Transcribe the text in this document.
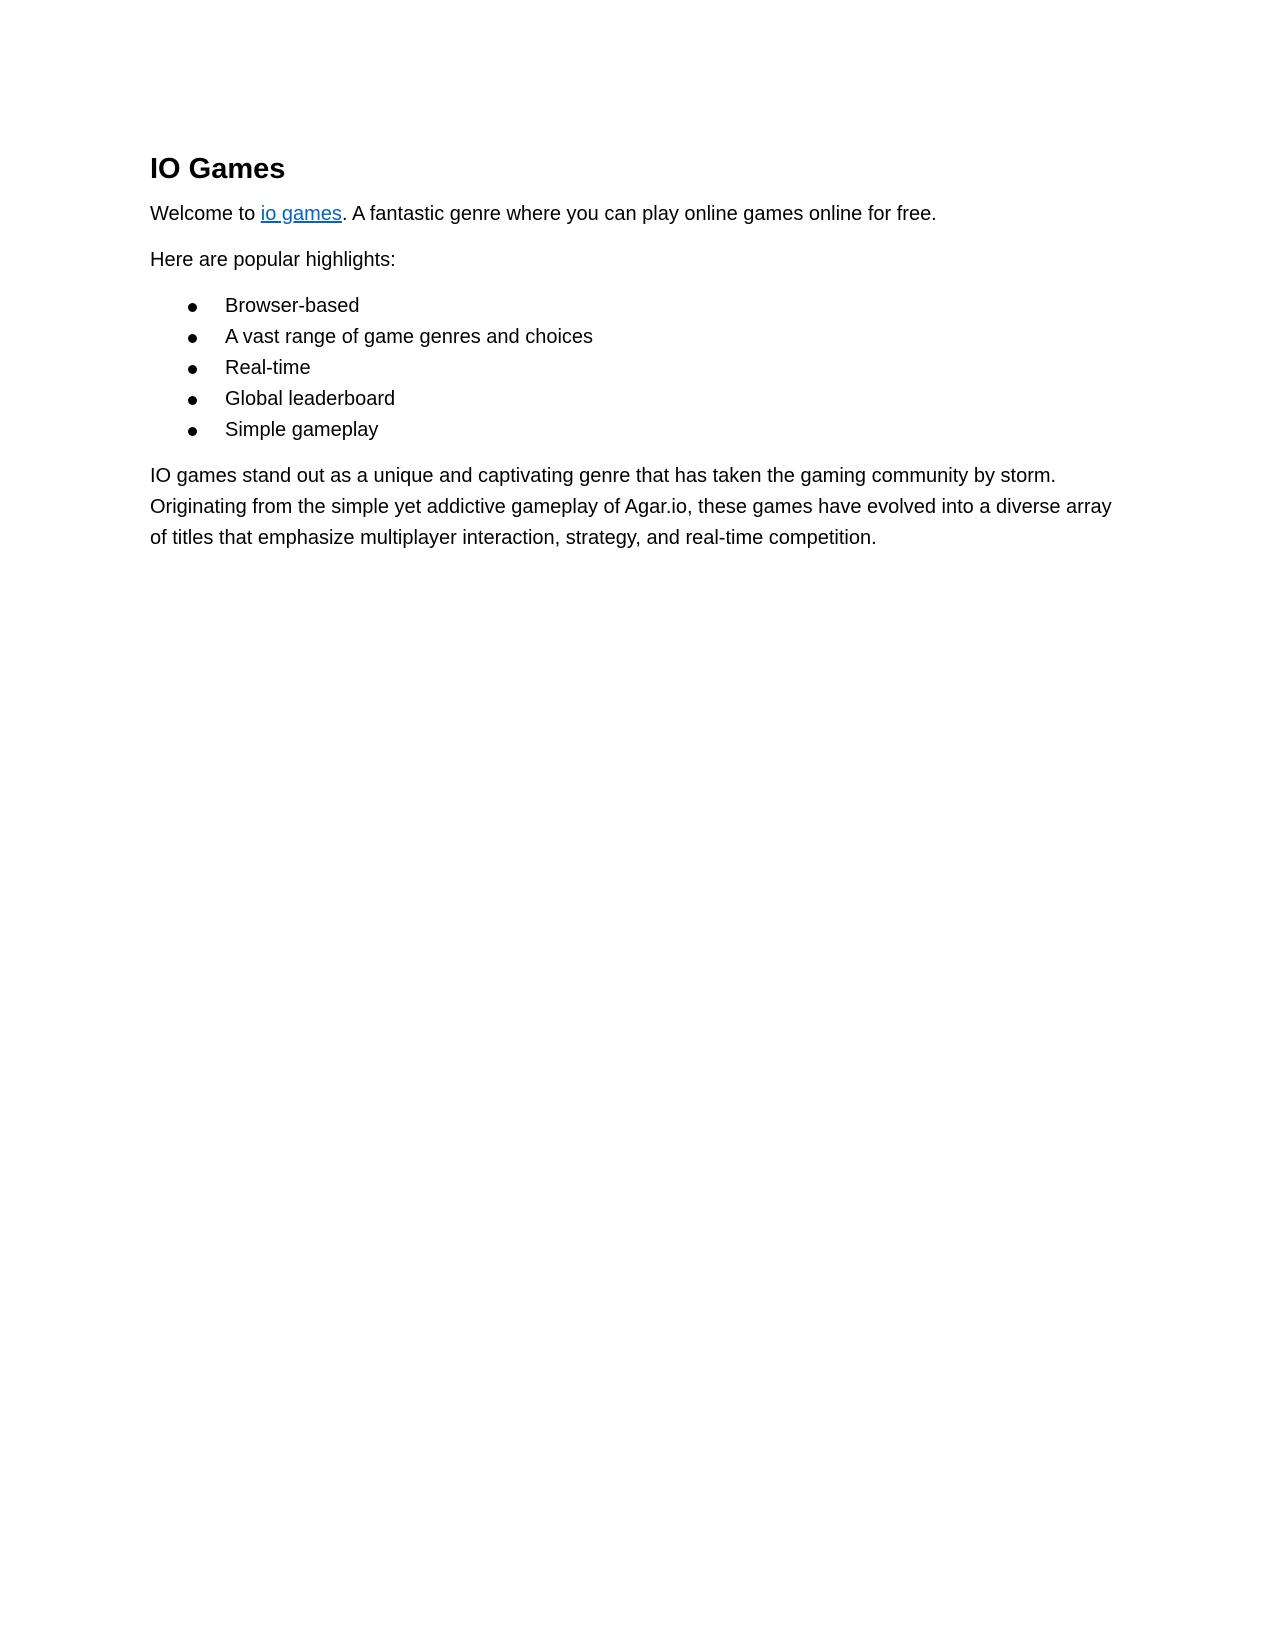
IO Games

Welcome to io games. A fantastic genre where you can play online games online for free.

Here are popular highlights:

Browser-based
A vast range of game genres and choices
Real-time
Global leaderboard
Simple gameplay

IO games stand out as a unique and captivating genre that has taken the gaming community by storm. Originating from the simple yet addictive gameplay of Agar.io, these games have evolved into a diverse array of titles that emphasize multiplayer interaction, strategy, and real-time competition.
